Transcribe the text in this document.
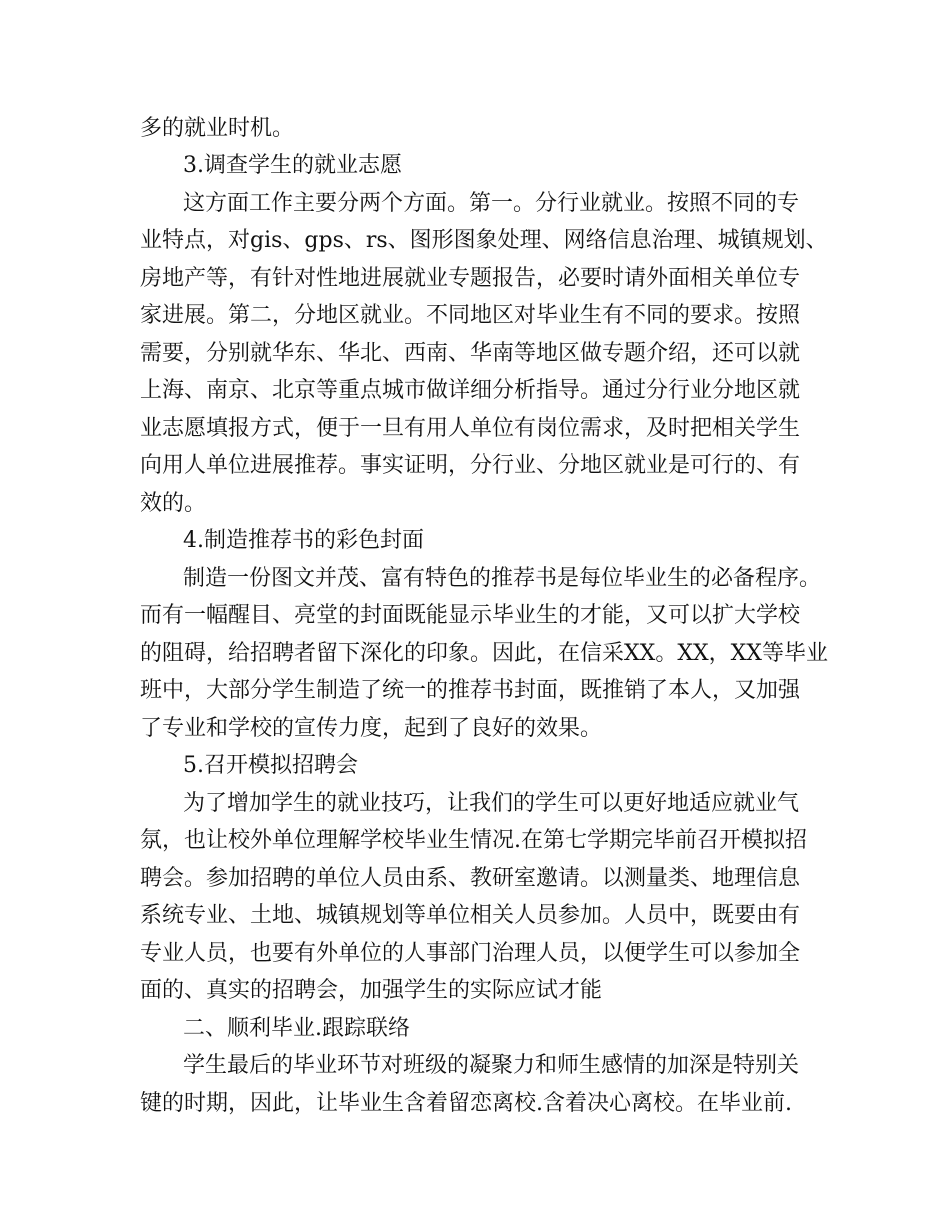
多的就业时机。
3.调查学生的就业志愿
这方面工作主要分两个方面。第一。分行业就业。按照不同的专
业特点，对gis、gps、rs、图形图象处理、网络信息治理、城镇规划、
房地产等，有针对性地进展就业专题报告，必要时请外面相关单位专
家进展。第二，分地区就业。不同地区对毕业生有不同的要求。按照
需要，分别就华东、华北、西南、华南等地区做专题介绍，还可以就
上海、南京、北京等重点城市做详细分析指导。通过分行业分地区就
业志愿填报方式，便于一旦有用人单位有岗位需求，及时把相关学生
向用人单位进展推荐。事实证明，分行业、分地区就业是可行的、有
效的。
4.制造推荐书的彩色封面
制造一份图文并茂、富有特色的推荐书是每位毕业生的必备程序。
而有一幅醒目、亮堂的封面既能显示毕业生的才能，又可以扩大学校
的阻碍，给招聘者留下深化的印象。因此，在信采XX。XX，XX等毕业
班中，大部分学生制造了统一的推荐书封面，既推销了本人，又加强
了专业和学校的宣传力度，起到了良好的效果。
5.召开模拟招聘会
为了增加学生的就业技巧，让我们的学生可以更好地适应就业气
氛，也让校外单位理解学校毕业生情况.在第七学期完毕前召开模拟招
聘会。参加招聘的单位人员由系、教研室邀请。以测量类、地理信息
系统专业、土地、城镇规划等单位相关人员参加。人员中，既要由有
专业人员，也要有外单位的人事部门治理人员，以便学生可以参加全
面的、真实的招聘会，加强学生的实际应试才能
二、顺利毕业.跟踪联络
学生最后的毕业环节对班级的凝聚力和师生感情的加深是特别关
键的时期，因此，让毕业生含着留恋离校.含着决心离校。在毕业前.
